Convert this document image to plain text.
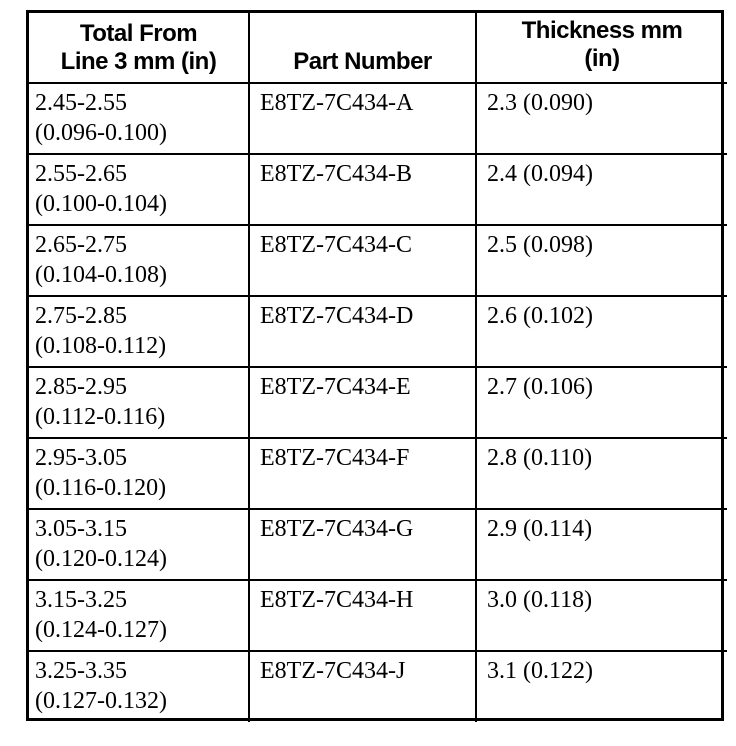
Total From
Line 3 mm (in)	Part Number	Thickness mm
(in)

2.45-2.55
(0.096-0.100)	E8TZ-7C434-A	2.3 (0.090)

2.55-2.65
(0.100-0.104)	E8TZ-7C434-B	2.4 (0.094)

2.65-2.75
(0.104-0.108)	E8TZ-7C434-C	2.5 (0.098)

2.75-2.85
(0.108-0.112)	E8TZ-7C434-D	2.6 (0.102)

2.85-2.95
(0.112-0.116)	E8TZ-7C434-E	2.7 (0.106)

2.95-3.05
(0.116-0.120)	E8TZ-7C434-F	2.8 (0.110)

3.05-3.15
(0.120-0.124)	E8TZ-7C434-G	2.9 (0.114)

3.15-3.25
(0.124-0.127)	E8TZ-7C434-H	3.0 (0.118)

3.25-3.35
(0.127-0.132)	E8TZ-7C434-J	3.1 (0.122)
